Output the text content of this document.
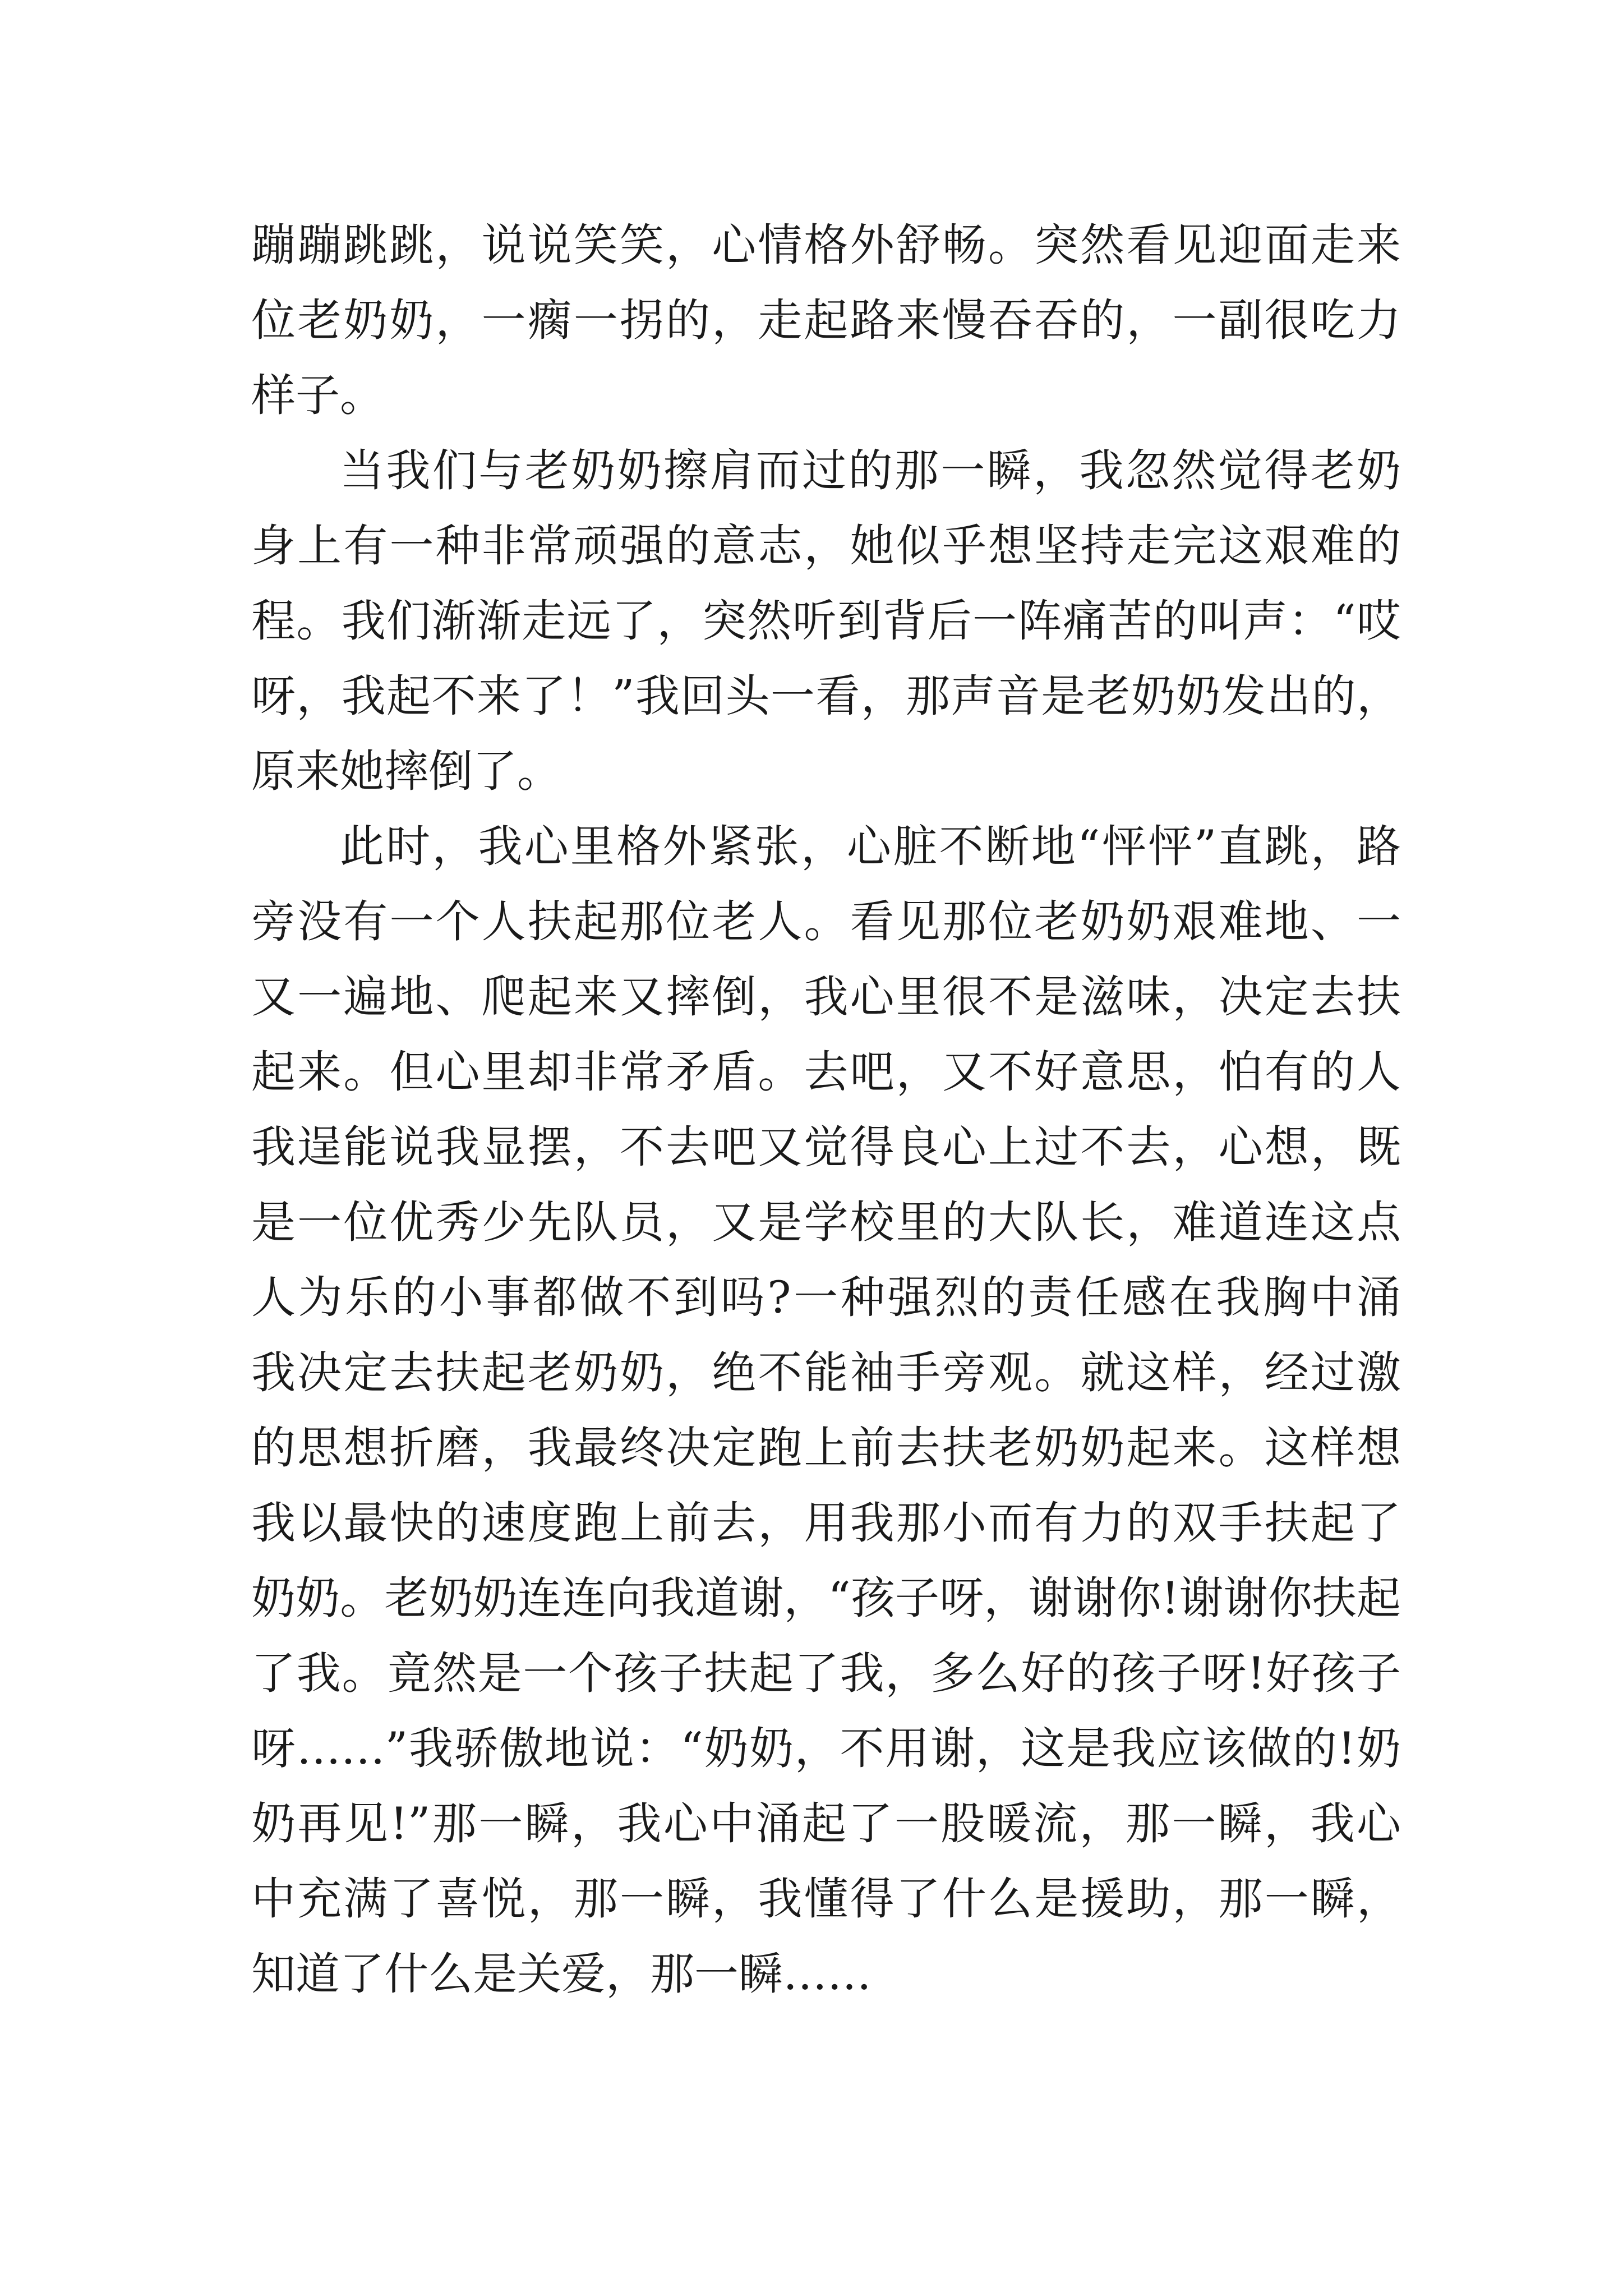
蹦蹦跳跳，说说笑笑，心情格外舒畅。突然看见迎面走来
位老奶奶，一瘸一拐的，走起路来慢吞吞的，一副很吃力
样子。
当我们与老奶奶擦肩而过的那一瞬，我忽然觉得老奶
身上有一种非常顽强的意志，她似乎想坚持走完这艰难的
程。我们渐渐走远了，突然听到背后一阵痛苦的叫声：“哎
呀，我起不来了！”我回头一看，那声音是老奶奶发出的，
原来她摔倒了。
此时，我心里格外紧张，心脏不断地“怦怦”直跳，路
旁没有一个人扶起那位老人。看见那位老奶奶艰难地、一
又一遍地、爬起来又摔倒，我心里很不是滋味，决定去扶
起来。但心里却非常矛盾。去吧，又不好意思，怕有的人
我逞能说我显摆，不去吧又觉得良心上过不去，心想，既
是一位优秀少先队员，又是学校里的大队长，难道连这点
人为乐的小事都做不到吗?一种强烈的责任感在我胸中涌
我决定去扶起老奶奶，绝不能袖手旁观。就这样，经过激
的思想折磨，我最终决定跑上前去扶老奶奶起来。这样想
我以最快的速度跑上前去，用我那小而有力的双手扶起了
奶奶。老奶奶连连向我道谢，“孩子呀，谢谢你!谢谢你扶起
了我。竟然是一个孩子扶起了我，多么好的孩子呀!好孩子
呀……”我骄傲地说：“奶奶，不用谢，这是我应该做的!奶
奶再见!”那一瞬，我心中涌起了一股暖流，那一瞬，我心
中充满了喜悦，那一瞬，我懂得了什么是援助，那一瞬，
知道了什么是关爱，那一瞬……
